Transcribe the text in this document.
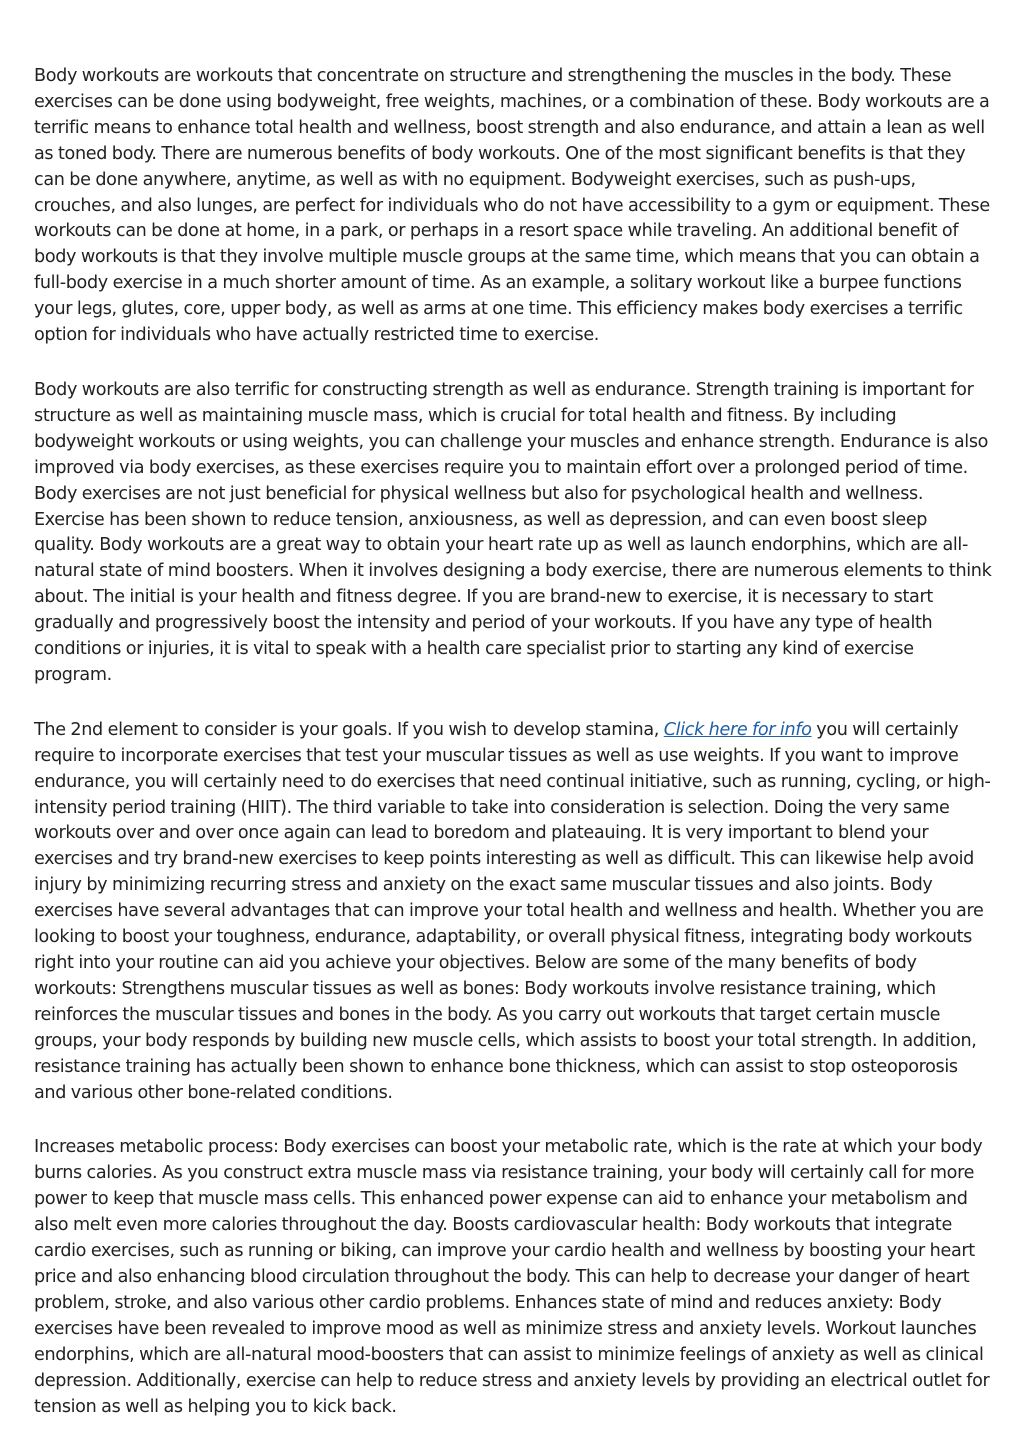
Body workouts are workouts that concentrate on structure and strengthening the muscles in the body. These exercises can be done using bodyweight, free weights, machines, or a combination of these. Body workouts are a terrific means to enhance total health and wellness, boost strength and also endurance, and attain a lean as well as toned body. There are numerous benefits of body workouts. One of the most significant benefits is that they can be done anywhere, anytime, as well as with no equipment. Bodyweight exercises, such as push-ups, crouches, and also lunges, are perfect for individuals who do not have accessibility to a gym or equipment. These workouts can be done at home, in a park, or perhaps in a resort space while traveling. An additional benefit of body workouts is that they involve multiple muscle groups at the same time, which means that you can obtain a full-body exercise in a much shorter amount of time. As an example, a solitary workout like a burpee functions your legs, glutes, core, upper body, as well as arms at one time. This efficiency makes body exercises a terrific option for individuals who have actually restricted time to exercise.

Body workouts are also terrific for constructing strength as well as endurance. Strength training is important for structure as well as maintaining muscle mass, which is crucial for total health and fitness. By including bodyweight workouts or using weights, you can challenge your muscles and enhance strength. Endurance is also improved via body exercises, as these exercises require you to maintain effort over a prolonged period of time. Body exercises are not just beneficial for physical wellness but also for psychological health and wellness. Exercise has been shown to reduce tension, anxiousness, as well as depression, and can even boost sleep quality. Body workouts are a great way to obtain your heart rate up as well as launch endorphins, which are all-natural state of mind boosters. When it involves designing a body exercise, there are numerous elements to think about. The initial is your health and fitness degree. If you are brand-new to exercise, it is necessary to start gradually and progressively boost the intensity and period of your workouts. If you have any type of health conditions or injuries, it is vital to speak with a health care specialist prior to starting any kind of exercise program.

The 2nd element to consider is your goals. If you wish to develop stamina, Click here for info you will certainly require to incorporate exercises that test your muscular tissues as well as use weights. If you want to improve endurance, you will certainly need to do exercises that need continual initiative, such as running, cycling, or high-intensity period training (HIIT). The third variable to take into consideration is selection. Doing the very same workouts over and over once again can lead to boredom and plateauing. It is very important to blend your exercises and try brand-new exercises to keep points interesting as well as difficult. This can likewise help avoid injury by minimizing recurring stress and anxiety on the exact same muscular tissues and also joints. Body exercises have several advantages that can improve your total health and wellness and health. Whether you are looking to boost your toughness, endurance, adaptability, or overall physical fitness, integrating body workouts right into your routine can aid you achieve your objectives. Below are some of the many benefits of body workouts: Strengthens muscular tissues as well as bones: Body workouts involve resistance training, which reinforces the muscular tissues and bones in the body. As you carry out workouts that target certain muscle groups, your body responds by building new muscle cells, which assists to boost your total strength. In addition, resistance training has actually been shown to enhance bone thickness, which can assist to stop osteoporosis and various other bone-related conditions.

Increases metabolic process: Body exercises can boost your metabolic rate, which is the rate at which your body burns calories. As you construct extra muscle mass via resistance training, your body will certainly call for more power to keep that muscle mass cells. This enhanced power expense can aid to enhance your metabolism and also melt even more calories throughout the day. Boosts cardiovascular health: Body workouts that integrate cardio exercises, such as running or biking, can improve your cardio health and wellness by boosting your heart price and also enhancing blood circulation throughout the body. This can help to decrease your danger of heart problem, stroke, and also various other cardio problems. Enhances state of mind and reduces anxiety: Body exercises have been revealed to improve mood as well as minimize stress and anxiety levels. Workout launches endorphins, which are all-natural mood-boosters that can assist to minimize feelings of anxiety as well as clinical depression. Additionally, exercise can help to reduce stress and anxiety levels by providing an electrical outlet for tension as well as helping you to kick back.
